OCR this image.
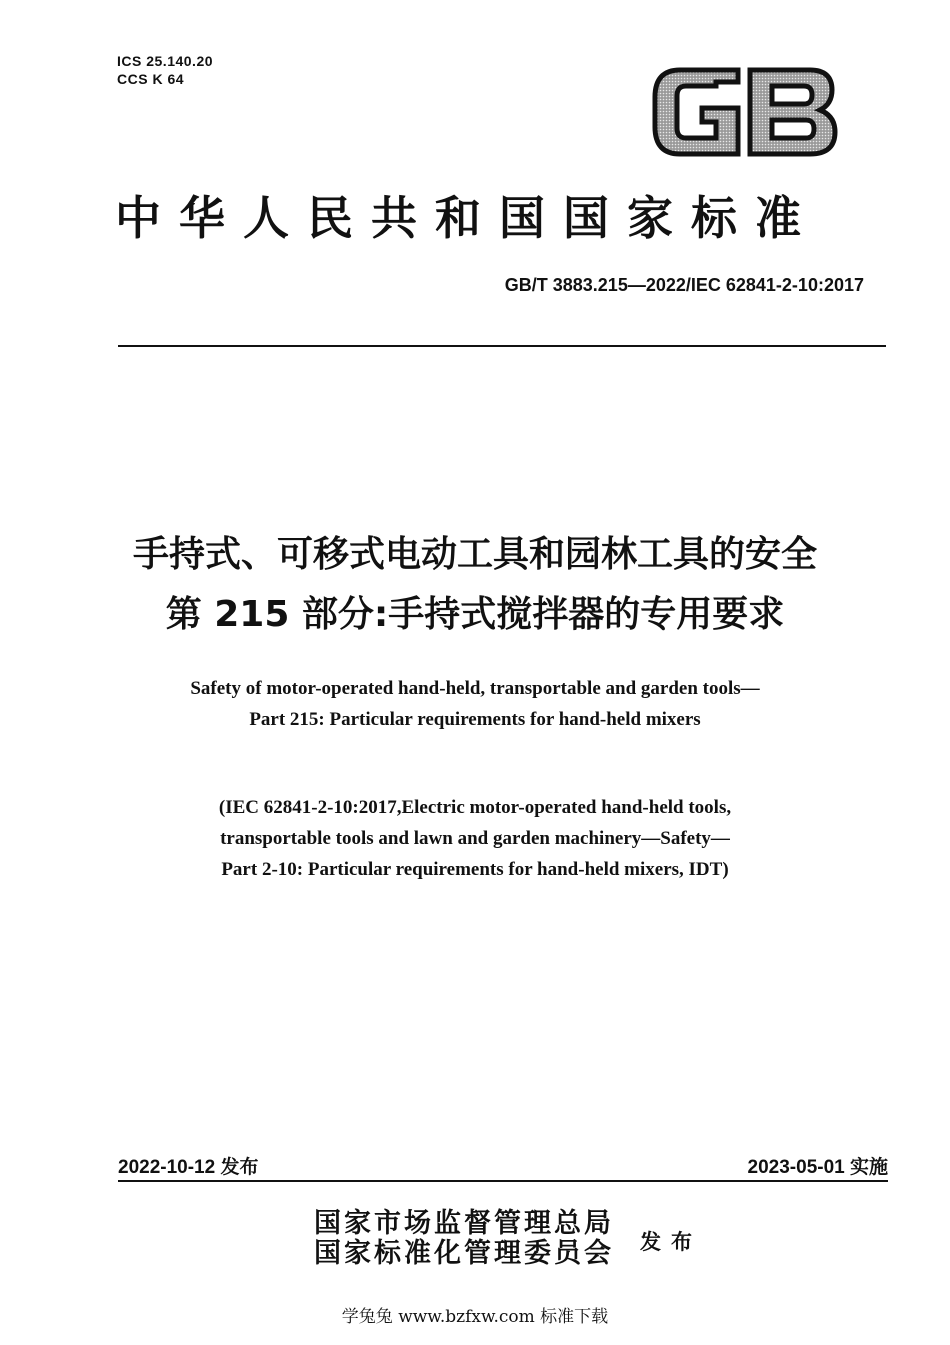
ICS 25.140.20
CCS K 64
中华人民共和国国家标准
GB/T 3883.215—2022/IEC 62841-2-10:2017
手持式、可移式电动工具和园林工具的安全
第 215 部分:手持式搅拌器的专用要求
Safety of motor-operated hand-held, transportable and garden tools—
Part 215: Particular requirements for hand-held mixers
(IEC 62841-2-10:2017,Electric motor-operated hand-held tools,
transportable tools and lawn and garden machinery—Safety—
Part 2-10: Particular requirements for hand-held mixers, IDT)
2022-10-12 发布	2023-05-01 实施
国家市场监督管理总局
国家标准化管理委员会 发布
学兔兔 www.bzfxw.com 标准下载
